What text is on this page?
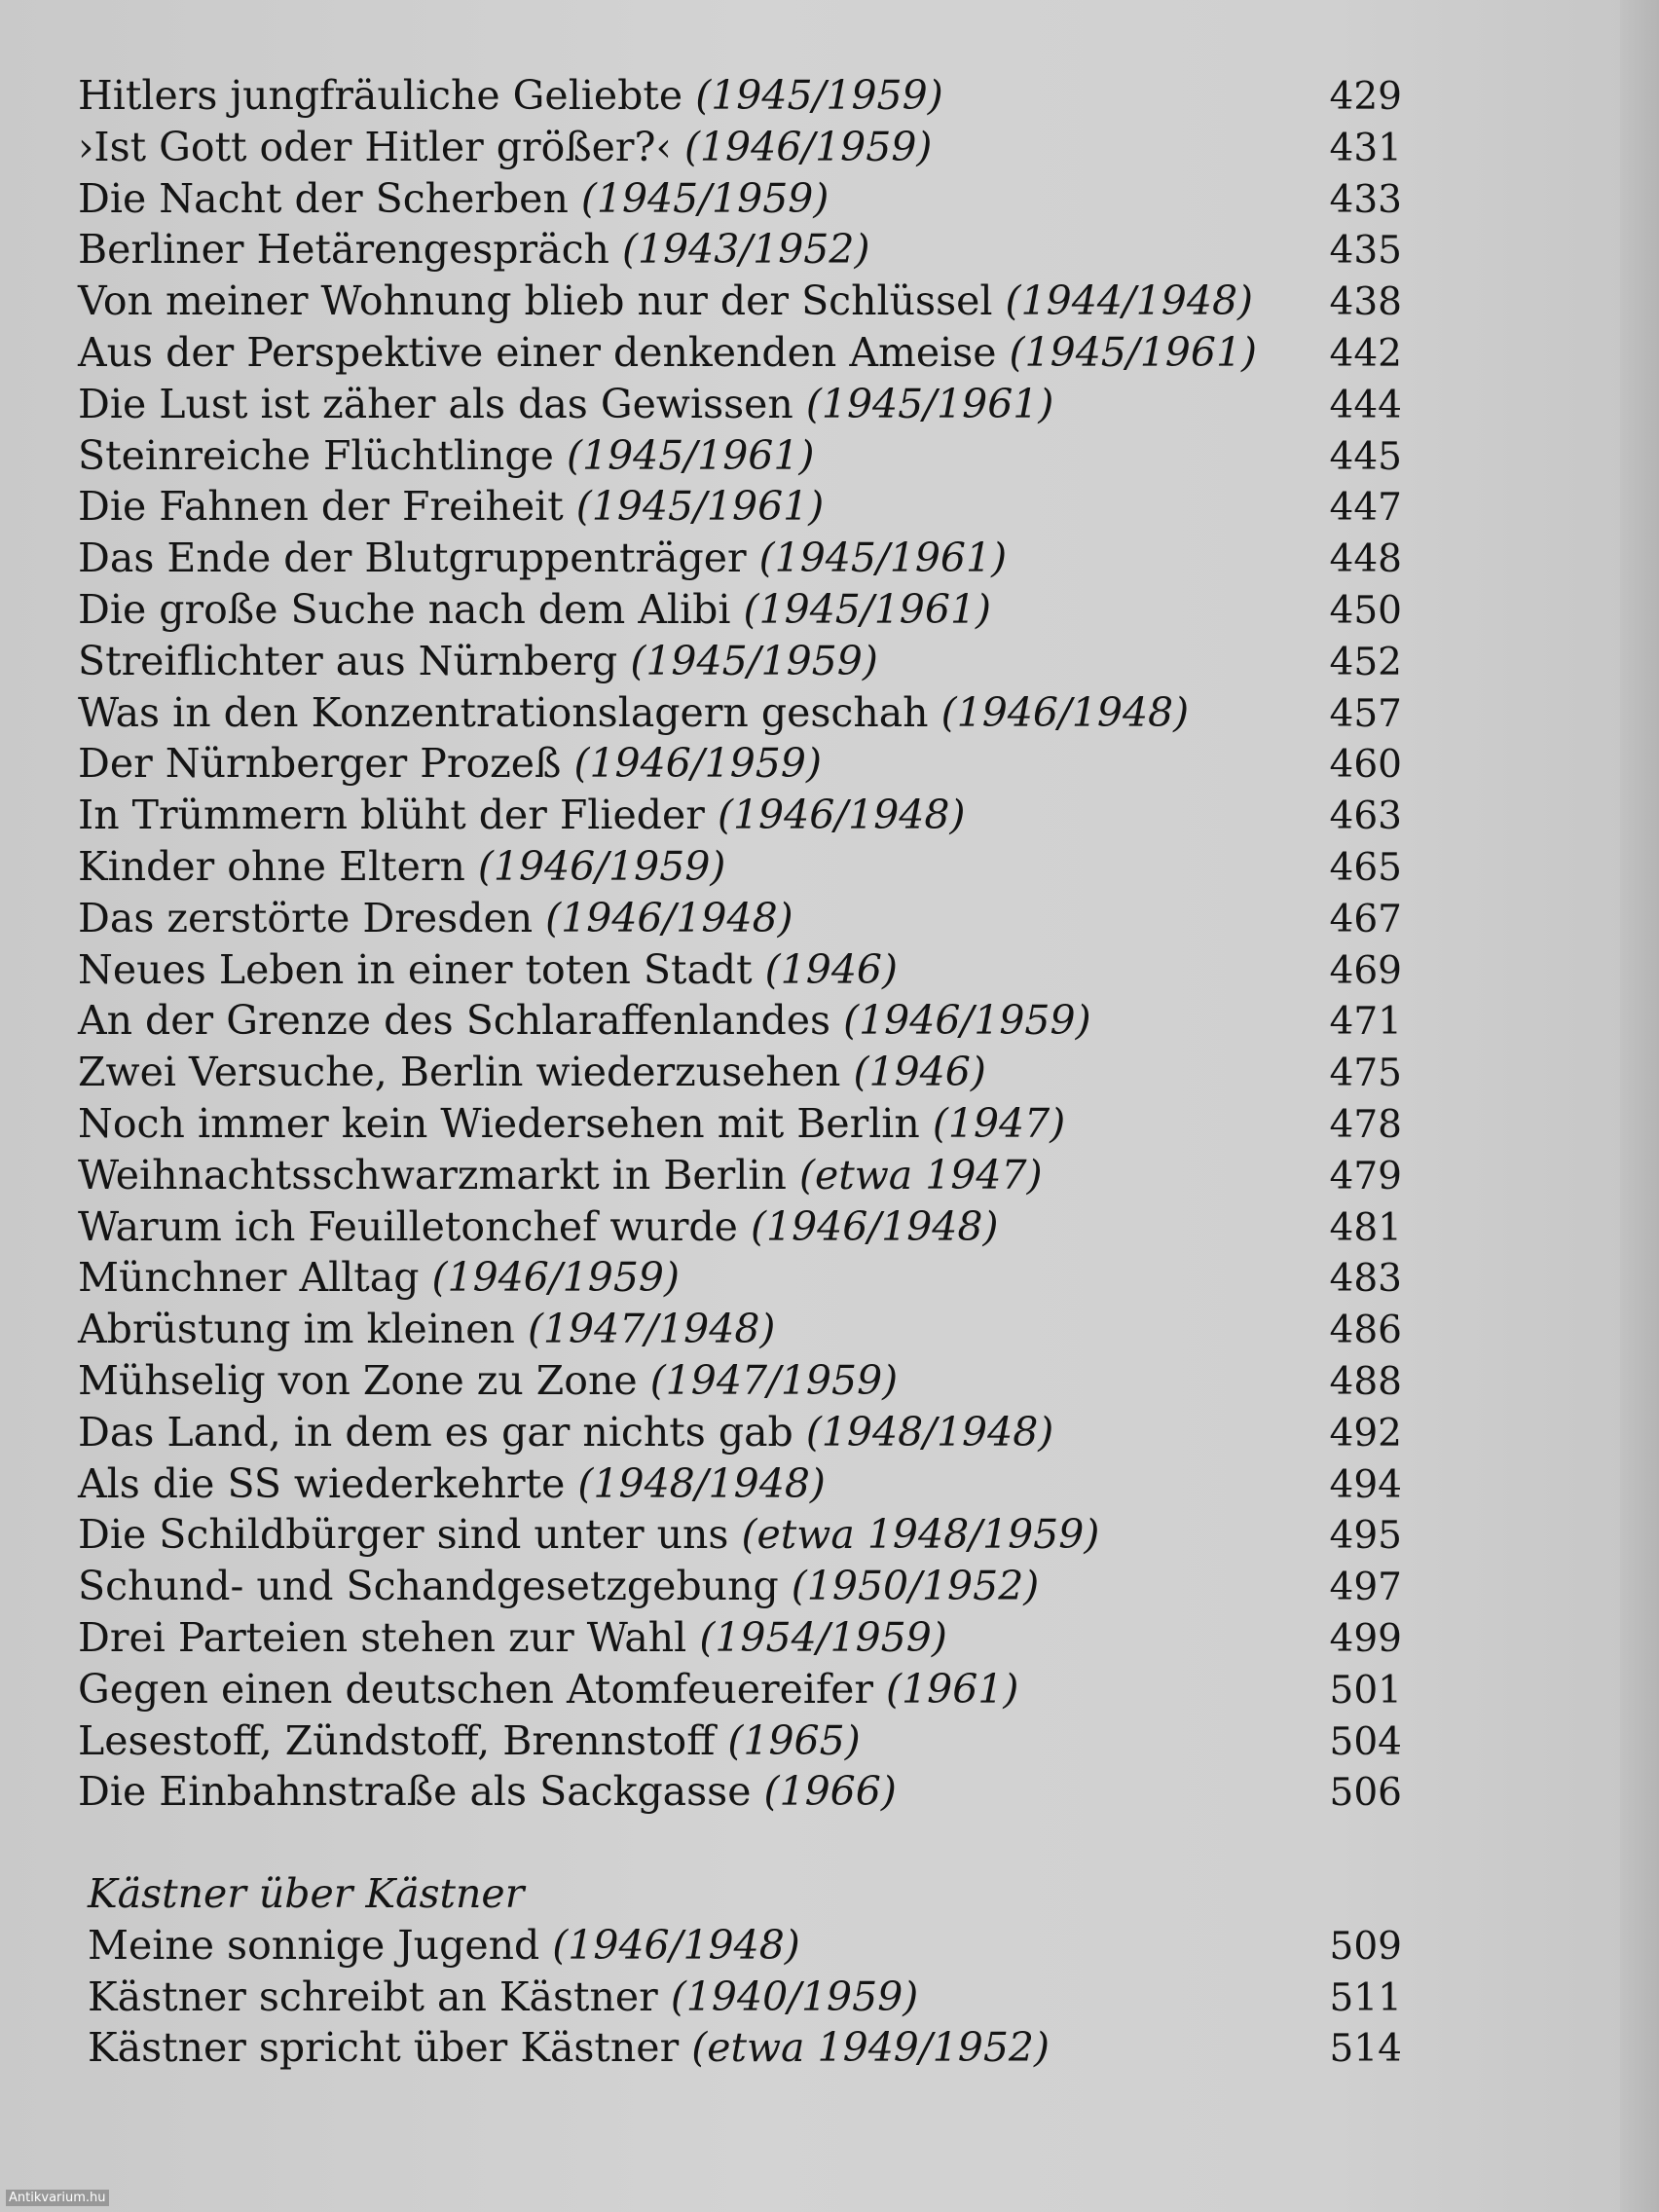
Hitlers jungfräuliche Geliebte (1945/1959)	429
›Ist Gott oder Hitler größer?‹ (1946/1959)	431
Die Nacht der Scherben (1945/1959)	433
Berliner Hetärengespräch (1943/1952)	435
Von meiner Wohnung blieb nur der Schlüssel (1944/1948)	438
Aus der Perspektive einer denkenden Ameise (1945/1961)	442
Die Lust ist zäher als das Gewissen (1945/1961)	444
Steinreiche Flüchtlinge (1945/1961)	445
Die Fahnen der Freiheit (1945/1961)	447
Das Ende der Blutgruppenträger (1945/1961)	448
Die große Suche nach dem Alibi (1945/1961)	450
Streiflichter aus Nürnberg (1945/1959)	452
Was in den Konzentrationslagern geschah (1946/1948)	457
Der Nürnberger Prozeß (1946/1959)	460
In Trümmern blüht der Flieder (1946/1948)	463
Kinder ohne Eltern (1946/1959)	465
Das zerstörte Dresden (1946/1948)	467
Neues Leben in einer toten Stadt (1946)	469
An der Grenze des Schlaraffenlandes (1946/1959)	471
Zwei Versuche, Berlin wiederzusehen (1946)	475
Noch immer kein Wiedersehen mit Berlin (1947)	478
Weihnachtsschwarzmarkt in Berlin (etwa 1947)	479
Warum ich Feuilletonchef wurde (1946/1948)	481
Münchner Alltag (1946/1959)	483
Abrüstung im kleinen (1947/1948)	486
Mühselig von Zone zu Zone (1947/1959)	488
Das Land, in dem es gar nichts gab (1948/1948)	492
Als die SS wiederkehrte (1948/1948)	494
Die Schildbürger sind unter uns (etwa 1948/1959)	495
Schund- und Schandgesetzgebung (1950/1952)	497
Drei Parteien stehen zur Wahl (1954/1959)	499
Gegen einen deutschen Atomfeuereifer (1961)	501
Lesestoff, Zündstoff, Brennstoff (1965)	504
Die Einbahnstraße als Sackgasse (1966)	506
Kästner über Kästner
Meine sonnige Jugend (1946/1948)	509
Kästner schreibt an Kästner (1940/1959)	511
Kästner spricht über Kästner (etwa 1949/1952)	514
Antikvarium.hu
